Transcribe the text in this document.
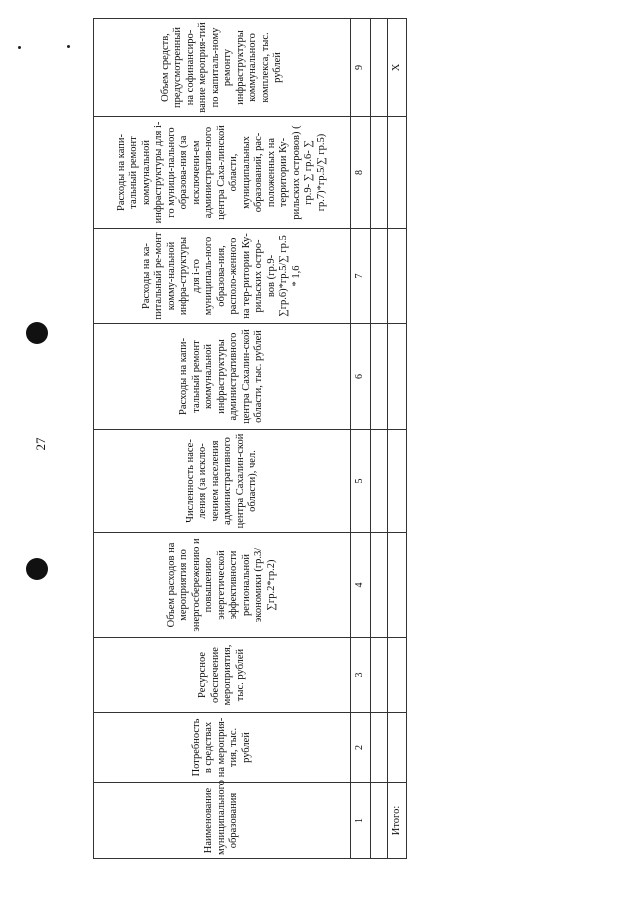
27
Наименование муниципального образования	Потребность в средствах на мероприя-тия, тыс. рублей	Ресурсное обеспечение мероприятия, тыс. рублей	Объем расходов на мероприятия по энергосбережению и повышению энергетической эффективности региональной экономики (гр.3/∑гр.2*гр.2)	Численность насе-ления (за исклю-чением населения административного центра Сахалин-ской области), чел.	Расходы на капи-тальный ремонт коммунальной инфраструктуры административного центра Сахалин-ской области, тыс. рублей	Расходы на ка-питальный ре-монт комму-нальной инфра-структуры для i-го муниципаль-ного образова-ния, располо-женного на тер-ритории Ку-рильских остро-вов (гр.9-∑гр.6)*гр.5/∑ гр.5 * 1,6	Расходы на капи-тальный ремонт коммунальной инфраструктуры для i-го муници-пального образова-ния (за исключени-ем административ-ного центра Саха-линской области, муниципальных образований, рас-положенных на территории Ку-рильских островов) ( гр.9- ∑ гр.6- ∑ гр.7)*гр.5/∑ гр.5)	Объем средств, предусмотренный на софинансиро-вание мероприя-тий по капиталь-ному ремонту инфраструктуры коммунального комплекса, тыс. рублей
1	2	3	4	5	6	7	8	9

Итого:								X
